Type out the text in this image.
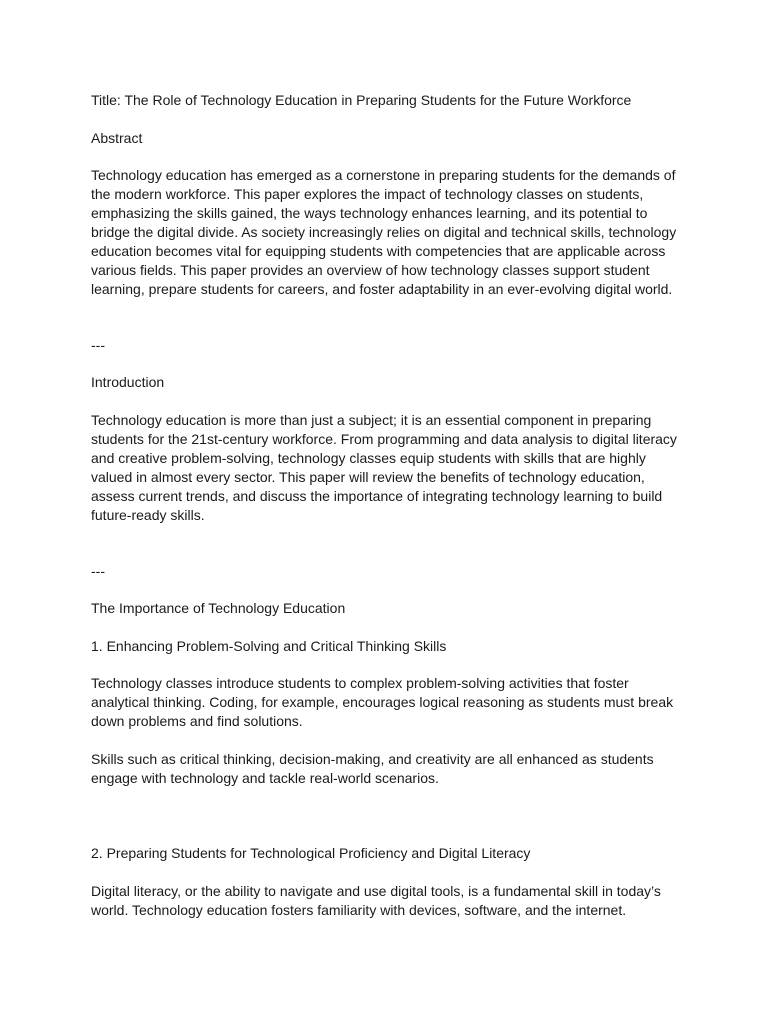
Title: The Role of Technology Education in Preparing Students for the Future Workforce

Abstract

Technology education has emerged as a cornerstone in preparing students for the demands of

the modern workforce. This paper explores the impact of technology classes on students,

emphasizing the skills gained, the ways technology enhances learning, and its potential to

bridge the digital divide. As society increasingly relies on digital and technical skills, technology

education becomes vital for equipping students with competencies that are applicable across

various fields. This paper provides an overview of how technology classes support student

learning, prepare students for careers, and foster adaptability in an ever-evolving digital world.

---

Introduction

Technology education is more than just a subject; it is an essential component in preparing

students for the 21st-century workforce. From programming and data analysis to digital literacy

and creative problem-solving, technology classes equip students with skills that are highly

valued in almost every sector. This paper will review the benefits of technology education,

assess current trends, and discuss the importance of integrating technology learning to build

future-ready skills.

---

The Importance of Technology Education

1. Enhancing Problem-Solving and Critical Thinking Skills

Technology classes introduce students to complex problem-solving activities that foster

analytical thinking. Coding, for example, encourages logical reasoning as students must break

down problems and find solutions.

Skills such as critical thinking, decision-making, and creativity are all enhanced as students

engage with technology and tackle real-world scenarios.

2. Preparing Students for Technological Proficiency and Digital Literacy

Digital literacy, or the ability to navigate and use digital tools, is a fundamental skill in today’s

world. Technology education fosters familiarity with devices, software, and the internet.
